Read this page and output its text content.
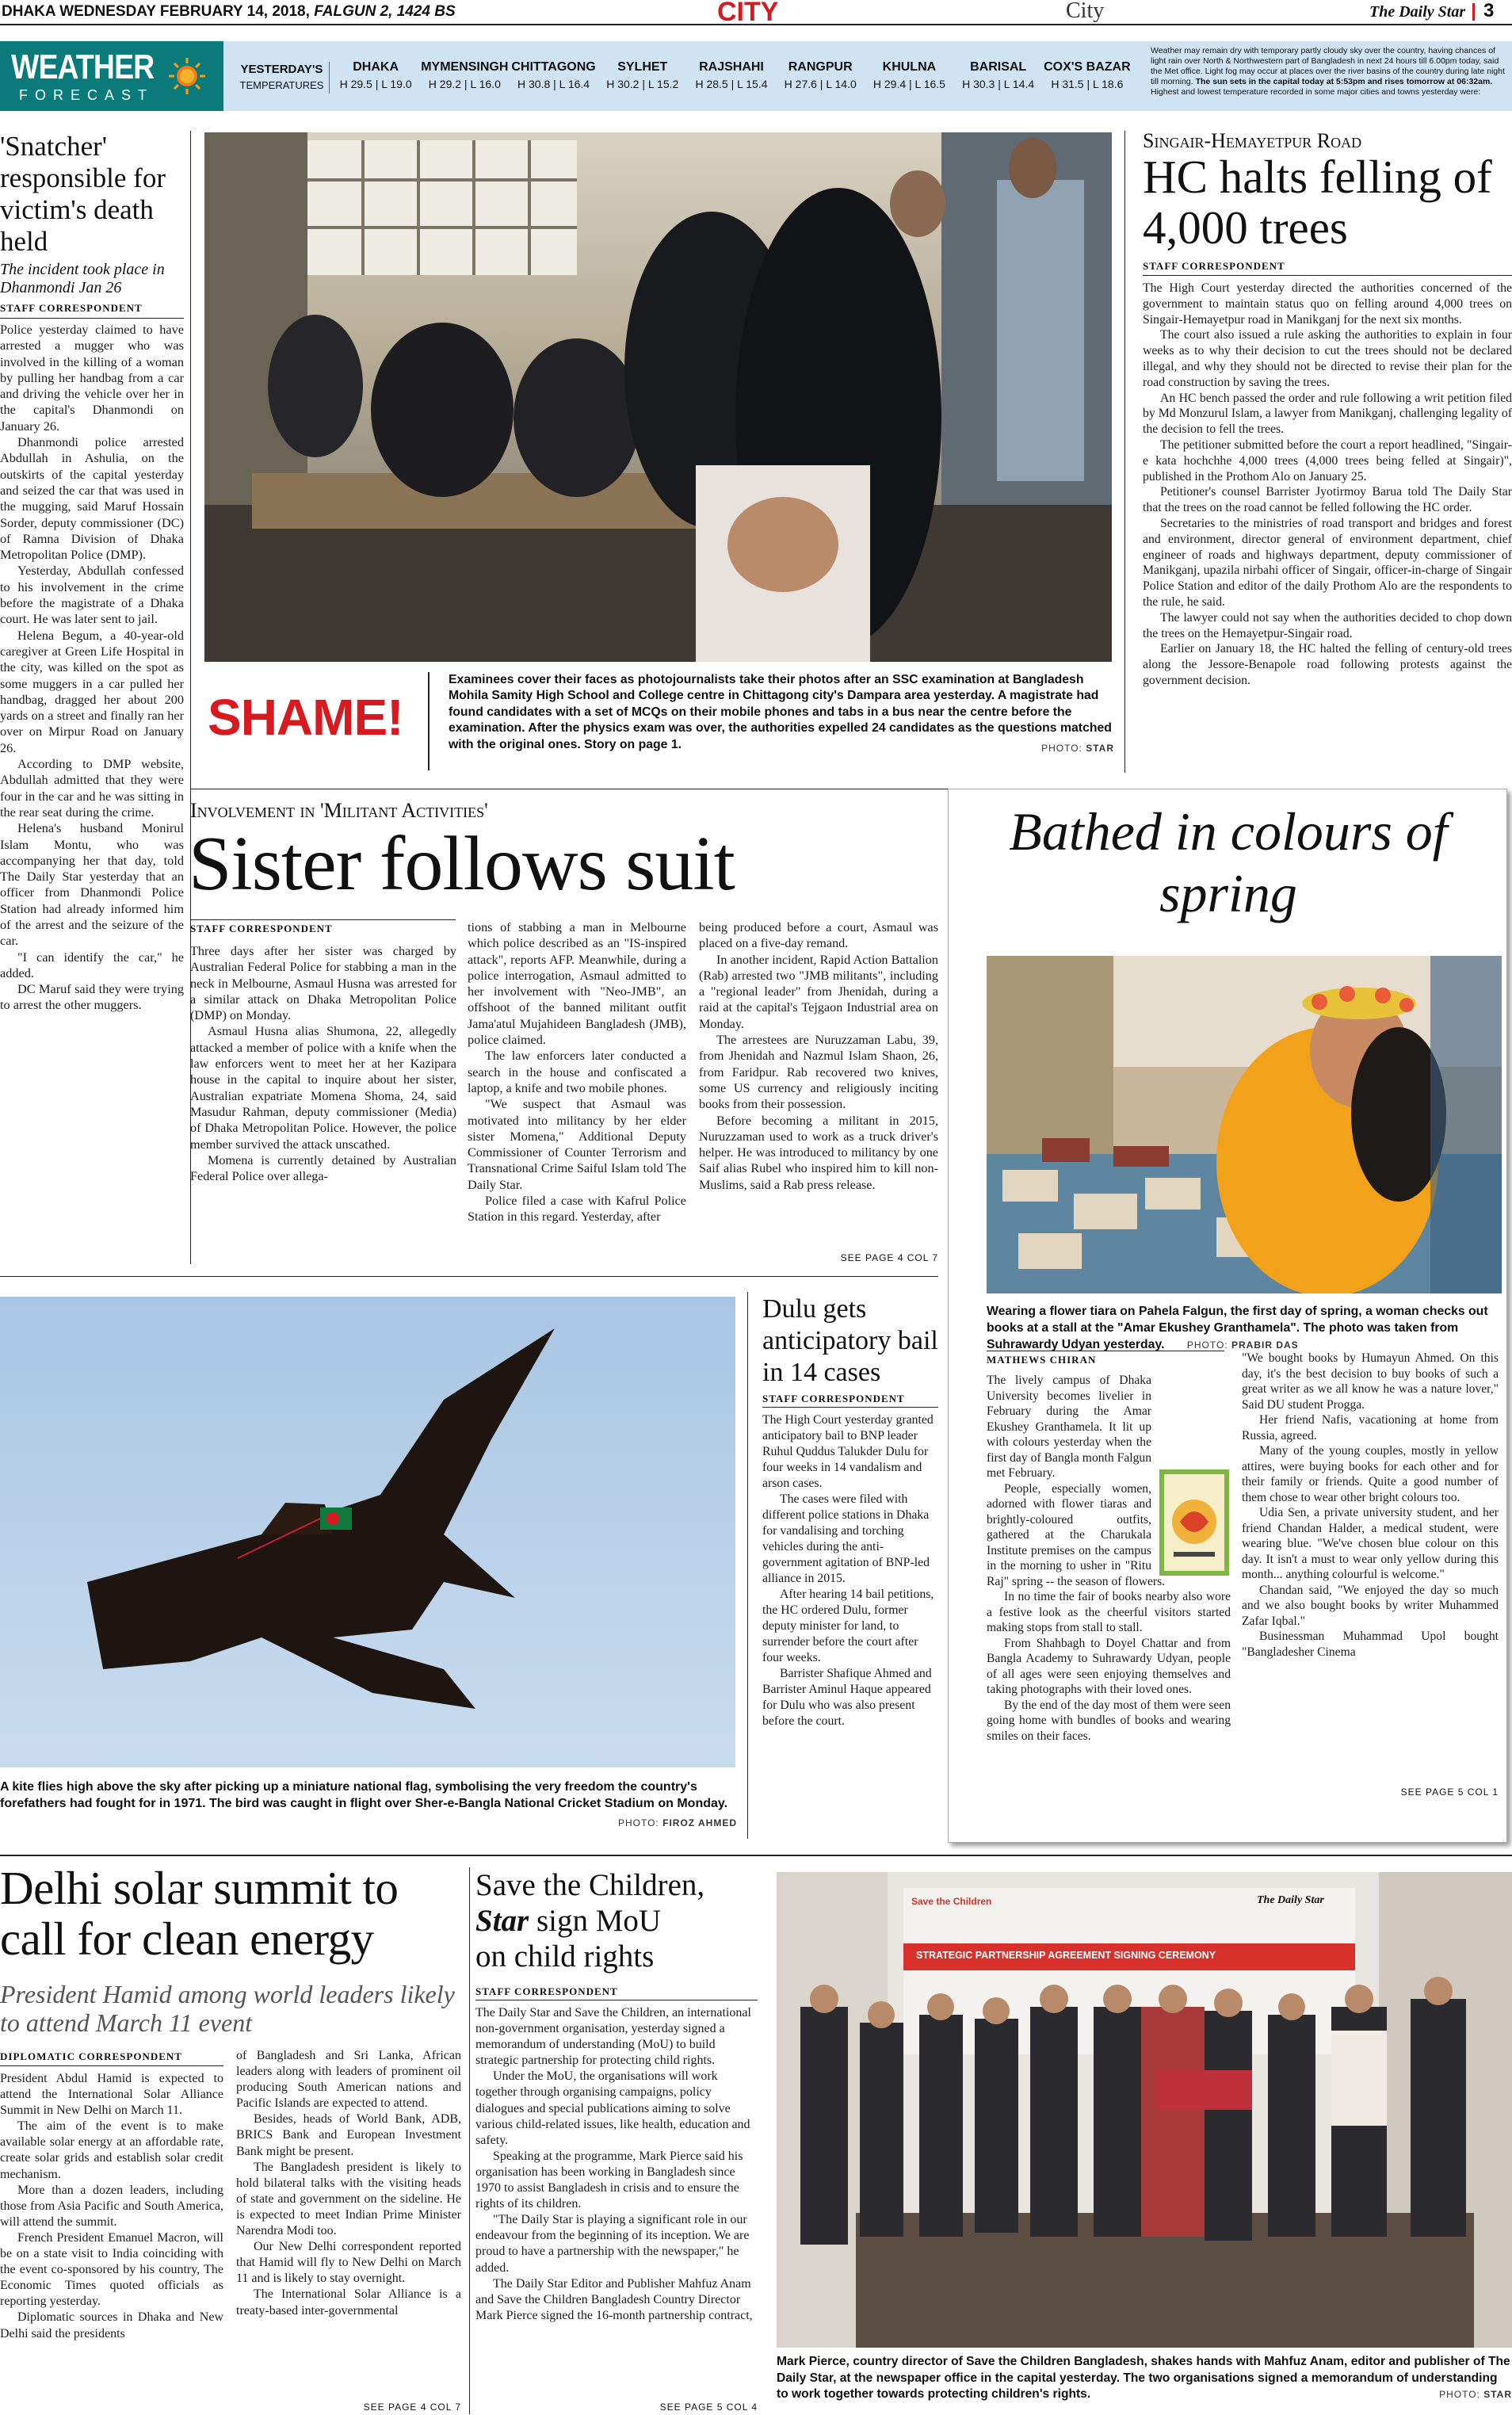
DHAKA WEDNESDAY FEBRUARY 14, 2018, FALGUN 2, 1424 BS	CITY	City	The Daily Star 3
WEATHER
FORECAST
YESTERDAY'S
TEMPERATURES
DHAKA
H 29.5 | L 19.0
MYMENSINGH
H 29.2 | L 16.0
CHITTAGONG
H 30.8 | L 16.4
SYLHET
H 30.2 | L 15.2
RAJSHAHI
H 28.5 | L 15.4
RANGPUR
H 27.6 | L 14.0
KHULNA
H 29.4 | L 16.5
BARISAL
H 30.3 | L 14.4
COX'S BAZAR
H 31.5 | L 18.6
Weather may remain dry with temporary partly cloudy sky over the country, having chances of light rain over North & Northwestern part of Bangladesh in next 24 hours till 6.00pm today, said the Met office. Light fog may occur at places over the river basins of the country during late night till morning. The sun sets in the capital today at 5:53pm and rises tomorrow at 06:32am. Highest and lowest temperature recorded in some major cities and towns yesterday were:
'Snatcher' responsible for victim's death held
The incident took place in Dhanmondi Jan 26
STAFF CORRESPONDENT

Police yesterday claimed to have arrested a mugger who was involved in the killing of a woman by pulling her handbag from a car and driving the vehicle over her in the capital's Dhanmondi on January 26.

Dhanmondi police arrested Abdullah in Ashulia, on the outskirts of the capital yesterday and seized the car that was used in the mugging, said Maruf Hossain Sorder, deputy commissioner (DC) of Ramna Division of Dhaka Metropolitan Police (DMP).

Yesterday, Abdullah confessed to his involvement in the crime before the magistrate of a Dhaka court. He was later sent to jail.

Helena Begum, a 40-year-old caregiver at Green Life Hospital in the city, was killed on the spot as some muggers in a car pulled her handbag, dragged her about 200 yards on a street and finally ran her over on Mirpur Road on January 26.

According to DMP website, Abdullah admitted that they were four in the car and he was sitting in the rear seat during the crime.

Helena's husband Monirul Islam Montu, who was accompanying her that day, told The Daily Star yesterday that an officer from Dhanmondi Police Station had already informed him of the arrest and the seizure of the car.

"I can identify the car," he added.

DC Maruf said they were trying to arrest the other muggers.

SHAME!
Examinees cover their faces as photojournalists take their photos after an SSC examination at Bangladesh Mohila Samity High School and College centre in Chittagong city's Dampara area yesterday. A magistrate had found candidates with a set of MCQs on their mobile phones and tabs in a bus near the centre before the examination. After the physics exam was over, the authorities expelled 24 candidates as the questions matched with the original ones. Story on page 1.	PHOTO: STAR
Singair-Hemayetpur Road
HC halts felling of 4,000 trees
STAFF CORRESPONDENT

The High Court yesterday directed the authorities concerned of the government to maintain status quo on felling around 4,000 trees on Singair-Hemayetpur road in Manikganj for the next six months.

The court also issued a rule asking the authorities to explain in four weeks as to why their decision to cut the trees should not be declared illegal, and why they should not be directed to revise their plan for the road construction by saving the trees.

An HC bench passed the order and rule following a writ petition filed by Md Monzurul Islam, a lawyer from Manikganj, challenging legality of the decision to fell the trees.

The petitioner submitted before the court a report headlined, "Singair-e kata hochchhe 4,000 trees (4,000 trees being felled at Singair)", published in the Prothom Alo on January 25.

Petitioner's counsel Barrister Jyotirmoy Barua told The Daily Star that the trees on the road cannot be felled following the HC order.

Secretaries to the ministries of road transport and bridges and forest and environment, director general of environment department, chief engineer of roads and highways department, deputy commissioner of Manikganj, upazila nirbahi officer of Singair, officer-in-charge of Singair Police Station and editor of the daily Prothom Alo are the respondents to the rule, he said.

The lawyer could not say when the authorities decided to chop down the trees on the Hemayetpur-Singair road.

Earlier on January 18, the HC halted the felling of century-old trees along the Jessore-Benapole road following protests against the government decision.

Involvement in 'Militant Activities'
Sister follows suit
STAFF CORRESPONDENT

Three days after her sister was charged by Australian Federal Police for stabbing a man in the neck in Melbourne, Asmaul Husna was arrested for a similar attack on Dhaka Metropolitan Police (DMP) on Monday.

Asmaul Husna alias Shumona, 22, allegedly attacked a member of police with a knife when the law enforcers went to meet her at her Kazipara house in the capital to inquire about her sister, Australian expatriate Momena Shoma, 24, said Masudur Rahman, deputy commissioner (Media) of Dhaka Metropolitan Police. However, the police member survived the attack unscathed.

Momena is currently detained by Australian Federal Police over allega-

tions of stabbing a man in Melbourne which police described as an "IS-inspired attack", reports AFP. Meanwhile, during a police interrogation, Asmaul admitted to her involvement with "Neo-JMB", an offshoot of the banned militant outfit Jama'atul Mujahideen Bangladesh (JMB), police claimed.

The law enforcers later conducted a search in the house and confiscated a laptop, a knife and two mobile phones.

"We suspect that Asmaul was motivated into militancy by her elder sister Momena," Additional Deputy Commissioner of Counter Terrorism and Transnational Crime Saiful Islam told The Daily Star.

Police filed a case with Kafrul Police Station in this regard. Yesterday, after

being produced before a court, Asmaul was placed on a five-day remand.

In another incident, Rapid Action Battalion (Rab) arrested two "JMB militants", including a "regional leader" from Jhenidah, during a raid at the capital's Tejgaon Industrial area on Monday.

The arrestees are Nuruzzaman Labu, 39, from Jhenidah and Nazmul Islam Shaon, 26, from Faridpur. Rab recovered two knives, some US currency and religiously inciting books from their possession.

Before becoming a militant in 2015, Nuruzzaman used to work as a truck driver's helper. He was introduced to militancy by one Saif alias Rubel who inspired him to kill non-Muslims, said a Rab press release.

SEE PAGE 4 COL 7
Bathed in colours of spring
Wearing a flower tiara on Pahela Falgun, the first day of spring, a woman checks out books at a stall at the "Amar Ekushey Granthamela". The photo was taken from Suhrawardy Udyan yesterday. PHOTO: PRABIR DAS
MATHEWS CHIRAN

The lively campus of Dhaka University becomes livelier in February during the Amar Ekushey Granthamela. It lit up with colours yesterday when the first day of Bangla month Falgun met February.

People, especially women, adorned with flower tiaras and brightly-coloured outfits, gathered at the Charukala Institute premises on the campus in the morning to usher in "Ritu Raj" spring -- the season of flowers.

In no time the fair of books nearby also wore a festive look as the cheerful visitors started making stops from stall to stall.

From Shahbagh to Doyel Chattar and from Bangla Academy to Suhrawardy Udyan, people of all ages were seen enjoying themselves and taking photographs with their loved ones.

By the end of the day most of them were seen going home with bundles of books and wearing smiles on their faces.

"We bought books by Humayun Ahmed. On this day, it's the best decision to buy books of such a great writer as we all know he was a nature lover," Said DU student Progga.

Her friend Nafis, vacationing at home from Russia, agreed.

Many of the young couples, mostly in yellow attires, were buying books for each other and for their family or friends. Quite a good number of them chose to wear other bright colours too.

Udia Sen, a private university student, and her friend Chandan Halder, a medical student, were wearing blue. "We've chosen blue colour on this day. It isn't a must to wear only yellow during this month... anything colourful is welcome."

Chandan said, "We enjoyed the day so much and we also bought books by writer Muhammed Zafar Iqbal."

Businessman Muhammad Upol bought "Bangladesher Cinema

SEE PAGE 5 COL 1
A kite flies high above the sky after picking up a miniature national flag, symbolising the very freedom the country's forefathers had fought for in 1971. The bird was caught in flight over Sher-e-Bangla National Cricket Stadium on Monday.
PHOTO: FIROZ AHMED
Dulu gets anticipatory bail in 14 cases
STAFF CORRESPONDENT

The High Court yesterday granted anticipatory bail to BNP leader Ruhul Quddus Talukder Dulu for four weeks in 14 vandalism and arson cases.

The cases were filed with different police stations in Dhaka for vandalising and torching vehicles during the anti-government agitation of BNP-led alliance in 2015.

After hearing 14 bail petitions, the HC ordered Dulu, former deputy minister for land, to surrender before the court after four weeks.

Barrister Shafique Ahmed and Barrister Aminul Haque appeared for Dulu who was also present before the court.

Delhi solar summit to call for clean energy
President Hamid among world leaders likely to attend March 11 event
DIPLOMATIC CORRESPONDENT

President Abdul Hamid is expected to attend the International Solar Alliance Summit in New Delhi on March 11.

The aim of the event is to make available solar energy at an affordable rate, create solar grids and establish solar credit mechanism.

More than a dozen leaders, including those from Asia Pacific and South America, will attend the summit.

French President Emanuel Macron, will be on a state visit to India coinciding with the event co-sponsored by his country, The Economic Times quoted officials as reporting yesterday.

Diplomatic sources in Dhaka and New Delhi said the presidents

of Bangladesh and Sri Lanka, African leaders along with leaders of prominent oil producing South American nations and Pacific Islands are expected to attend.

Besides, heads of World Bank, ADB, BRICS Bank and European Investment Bank might be present.

The Bangladesh president is likely to hold bilateral talks with the visiting heads of state and government on the sideline. He is expected to meet Indian Prime Minister Narendra Modi too.

Our New Delhi correspondent reported that Hamid will fly to New Delhi on March 11 and is likely to stay overnight.

The International Solar Alliance is a treaty-based inter-governmental

SEE PAGE 4 COL 7
Save the Children,
Star sign MoU
on child rights
STAFF CORRESPONDENT

The Daily Star and Save the Children, an international non-government organisation, yesterday signed a memorandum of understanding (MoU) to build strategic partnership for protecting child rights.

Under the MoU, the organisations will work together through organising campaigns, policy dialogues and special publications aiming to solve various child-related issues, like health, education and safety.

Speaking at the programme, Mark Pierce said his organisation has been working in Bangladesh since 1970 to assist Bangladesh in crisis and to ensure the rights of its children.

"The Daily Star is playing a significant role in our endeavour from the beginning of its inception. We are proud to have a partnership with the newspaper," he added.

The Daily Star Editor and Publisher Mahfuz Anam and Save the Children Bangladesh Country Director Mark Pierce signed the 16-month partnership contract,

SEE PAGE 5 COL 4
Save the Children	The Daily Star
STRATEGIC PARTNERSHIP AGREEMENT SIGNING CEREMONY
Mark Pierce, country director of Save the Children Bangladesh, shakes hands with Mahfuz Anam, editor and publisher of The Daily Star, at the newspaper office in the capital yesterday. The two organisations signed a memorandum of understanding to work together towards protecting children's rights.	PHOTO: STAR
